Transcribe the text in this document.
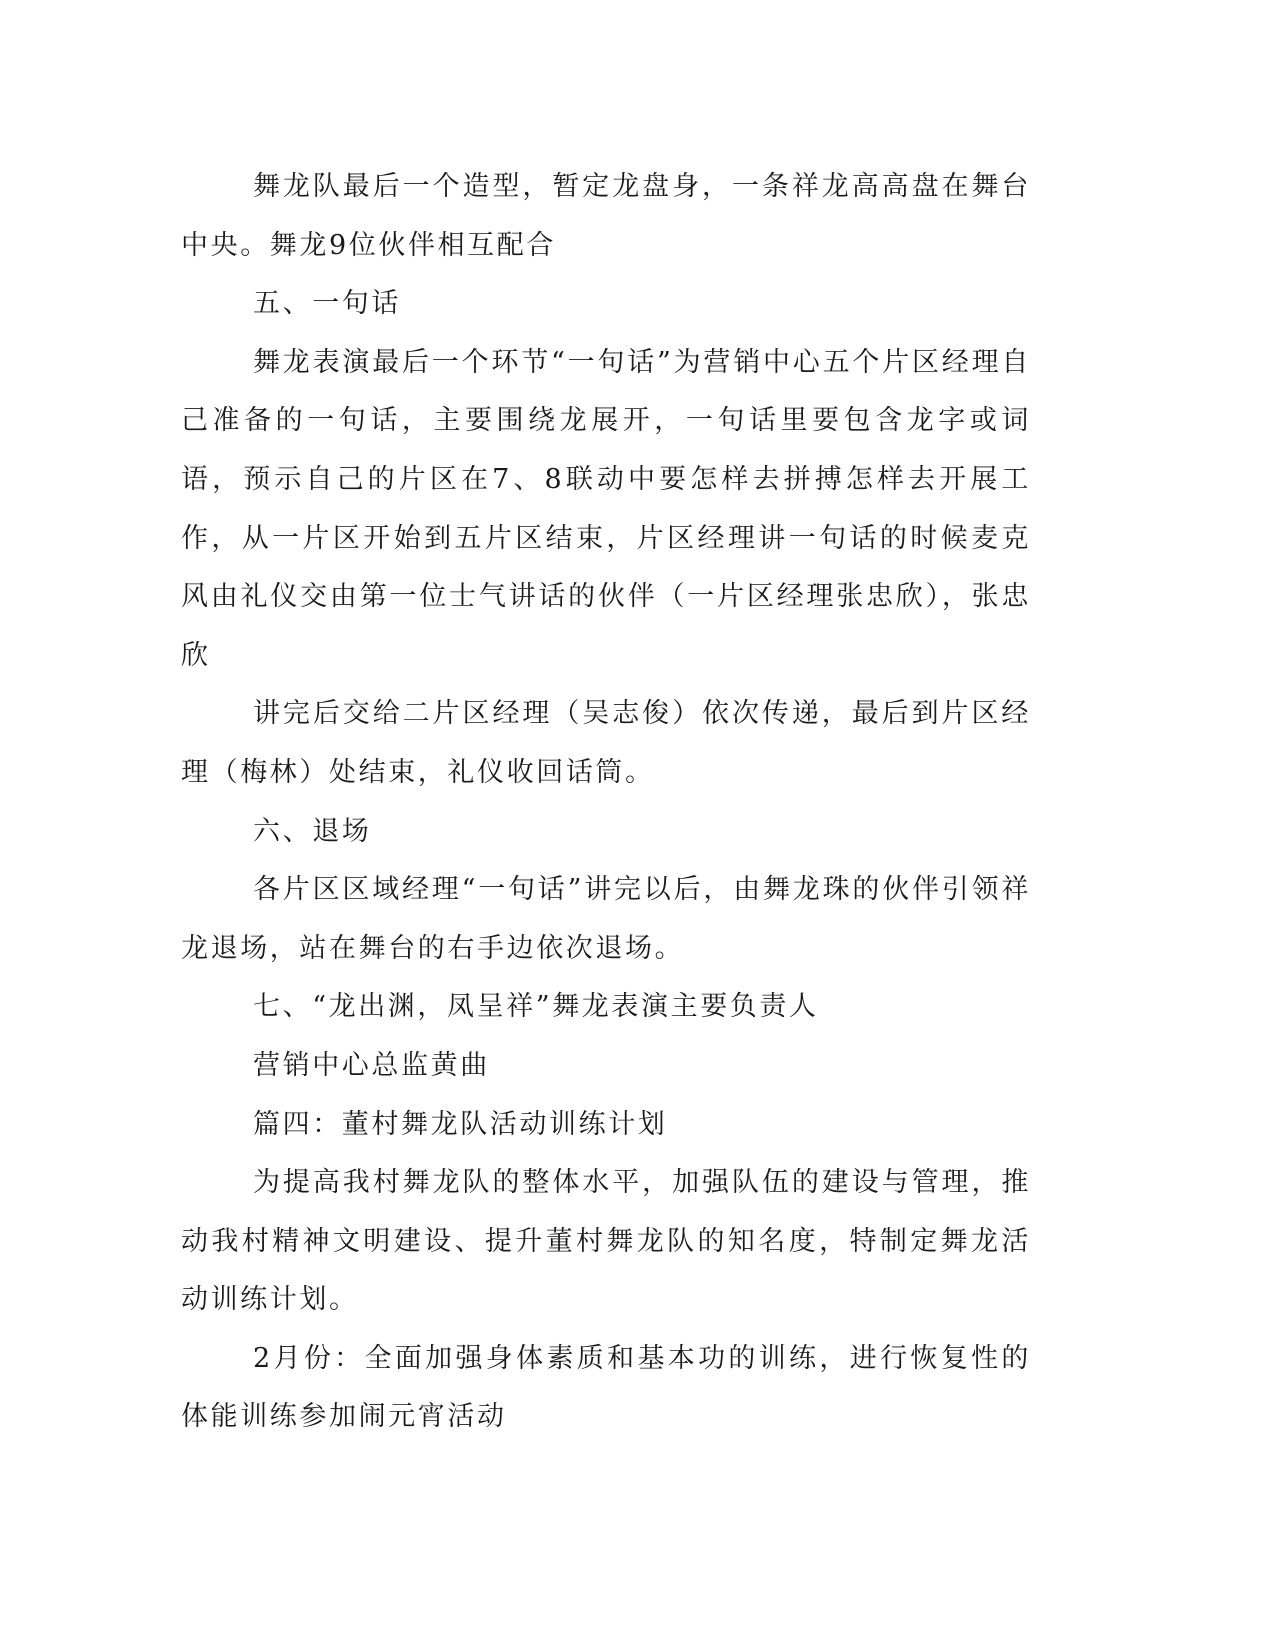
舞龙队最后一个造型，暂定龙盘身，一条祥龙高高盘在舞台中央。舞龙9位伙伴相互配合

五、一句话

舞龙表演最后一个环节“一句话”为营销中心五个片区经理自己准备的一句话，主要围绕龙展开，一句话里要包含龙字或词语，预示自己的片区在7、8联动中要怎样去拼搏怎样去开展工作，从一片区开始到五片区结束，片区经理讲一句话的时候麦克风由礼仪交由第一位士气讲话的伙伴（一片区经理张忠欣），张忠欣

讲完后交给二片区经理（吴志俊）依次传递，最后到片区经理（梅林）处结束，礼仪收回话筒。

六、退场

各片区区域经理“一句话”讲完以后，由舞龙珠的伙伴引领祥龙退场，站在舞台的右手边依次退场。

七、“龙出渊，凤呈祥”舞龙表演主要负责人

营销中心总监黄曲

篇四：董村舞龙队活动训练计划

为提高我村舞龙队的整体水平，加强队伍的建设与管理，推动我村精神文明建设、提升董村舞龙队的知名度，特制定舞龙活动训练计划。

2月份：全面加强身体素质和基本功的训练，进行恢复性的体能训练参加闹元宵活动
